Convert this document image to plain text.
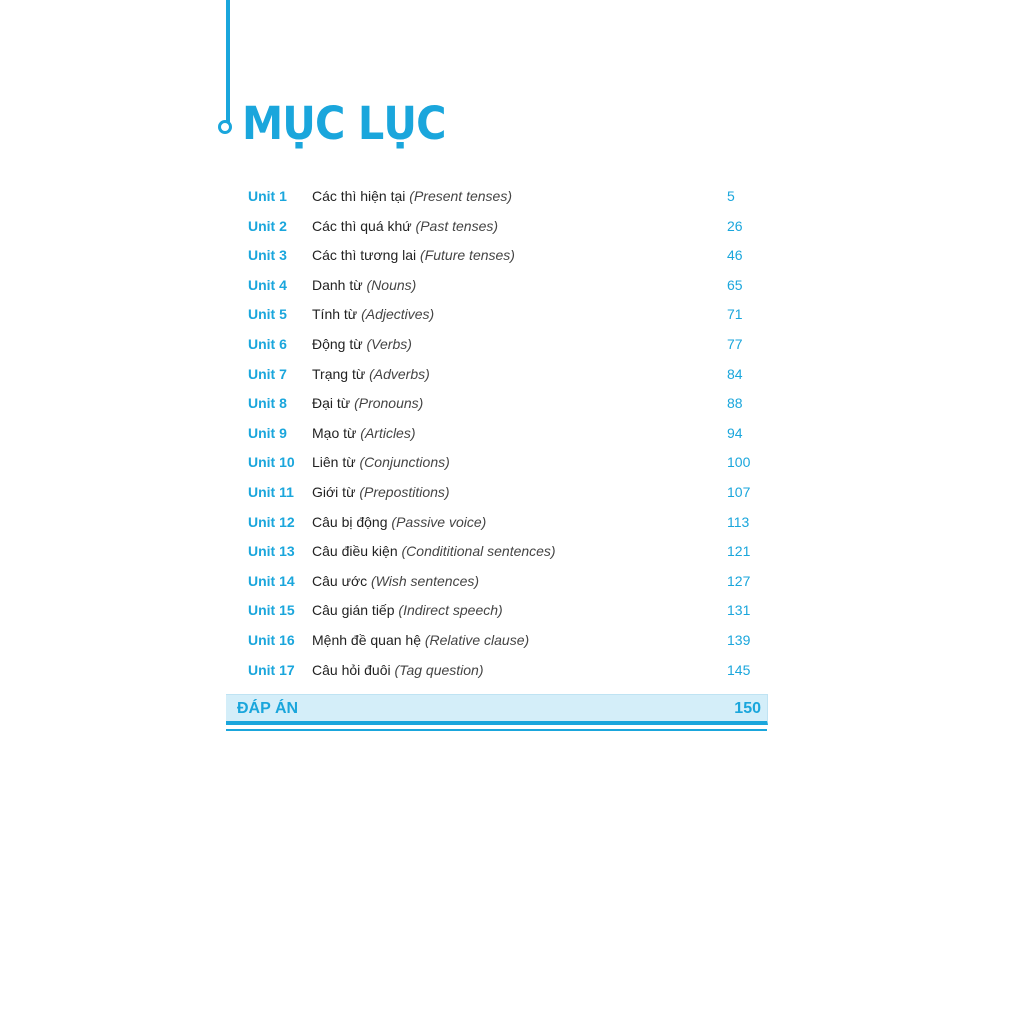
MỤC LỤC
Unit 1 Các thì hiện tại (Present tenses)	5
Unit 2 Các thì quá khứ (Past tenses)	26
Unit 3 Các thì tương lai (Future tenses)	46
Unit 4 Danh từ (Nouns)	65
Unit 5 Tính từ (Adjectives)	71
Unit 6 Động từ (Verbs)	77
Unit 7 Trạng từ (Adverbs)	84
Unit 8 Đại từ (Pronouns)	88
Unit 9 Mạo từ (Articles)	94
Unit 10 Liên từ (Conjunctions)	100
Unit 11 Giới từ (Prepostitions)	107
Unit 12 Câu bị động (Passive voice)	113
Unit 13 Câu điều kiện (Condititional sentences)	121
Unit 14 Câu ước (Wish sentences)	127
Unit 15 Câu gián tiếp (Indirect speech)	131
Unit 16 Mệnh đề quan hệ (Relative clause)	139
Unit 17 Câu hỏi đuôi (Tag question)	145
ĐÁP ÁN	150
